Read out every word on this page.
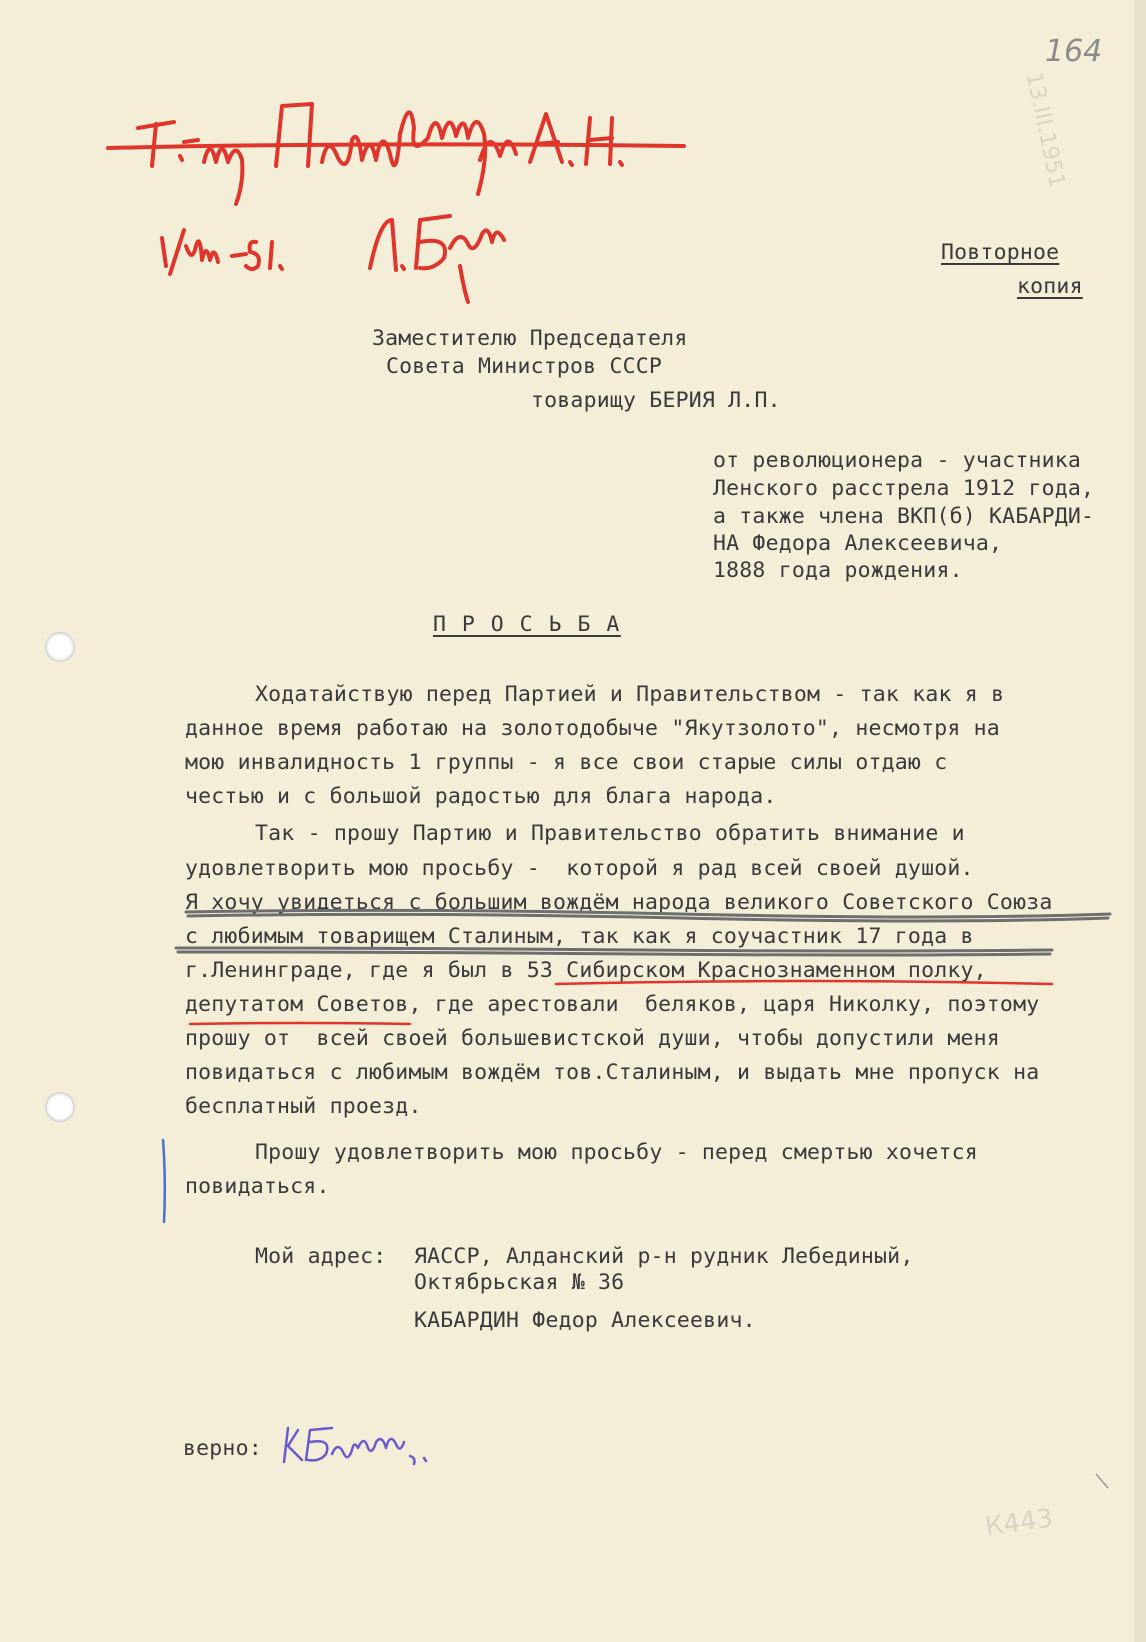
164
13.III.1951
К443
Повторное
копия
Заместителю Председателя
Совета Министров СССР
товарищу БЕРИЯ Л.П.
от революционера - участника
Ленского расстрела 1912 года,
а также члена ВКП(б) КАБАРДИ-
НА Федора Алексеевича,
1888 года рождения.
П Р О С Ь Б А
Ходатайствую перед Партией и Правительством - так как я в
данное время работаю на золотодобыче "Якутзолото", несмотря на
мою инвалидность 1 группы - я все свои старые силы отдаю с
честью и с большой радостью для блага народа.
Так - прошу Партию и Правительство обратить внимание и
удовлетворить мою просьбу -  которой я рад всей своей душой.
Я хочу увидеться с большим вождём народа великого Советского Союза
с любимым товарищем Сталиным, так как я соучастник 17 года в
г.Ленинграде, где я был в 53 Сибирском Краснознаменном полку,
депутатом Советов, где арестовали  беляков, царя Николку, поэтому
прошу от  всей своей большевистской души, чтобы допустили меня
повидаться с любимым вождём тов.Сталиным, и выдать мне пропуск на
бесплатный проезд.
Прошу удовлетворить мою просьбу - перед смертью хочется
повидаться.
Мой адрес: ЯАССР, Алданский р-н рудник Лебединый,
Октябрьская № 36
КАБАРДИН Федор Алексеевич.
верно:
